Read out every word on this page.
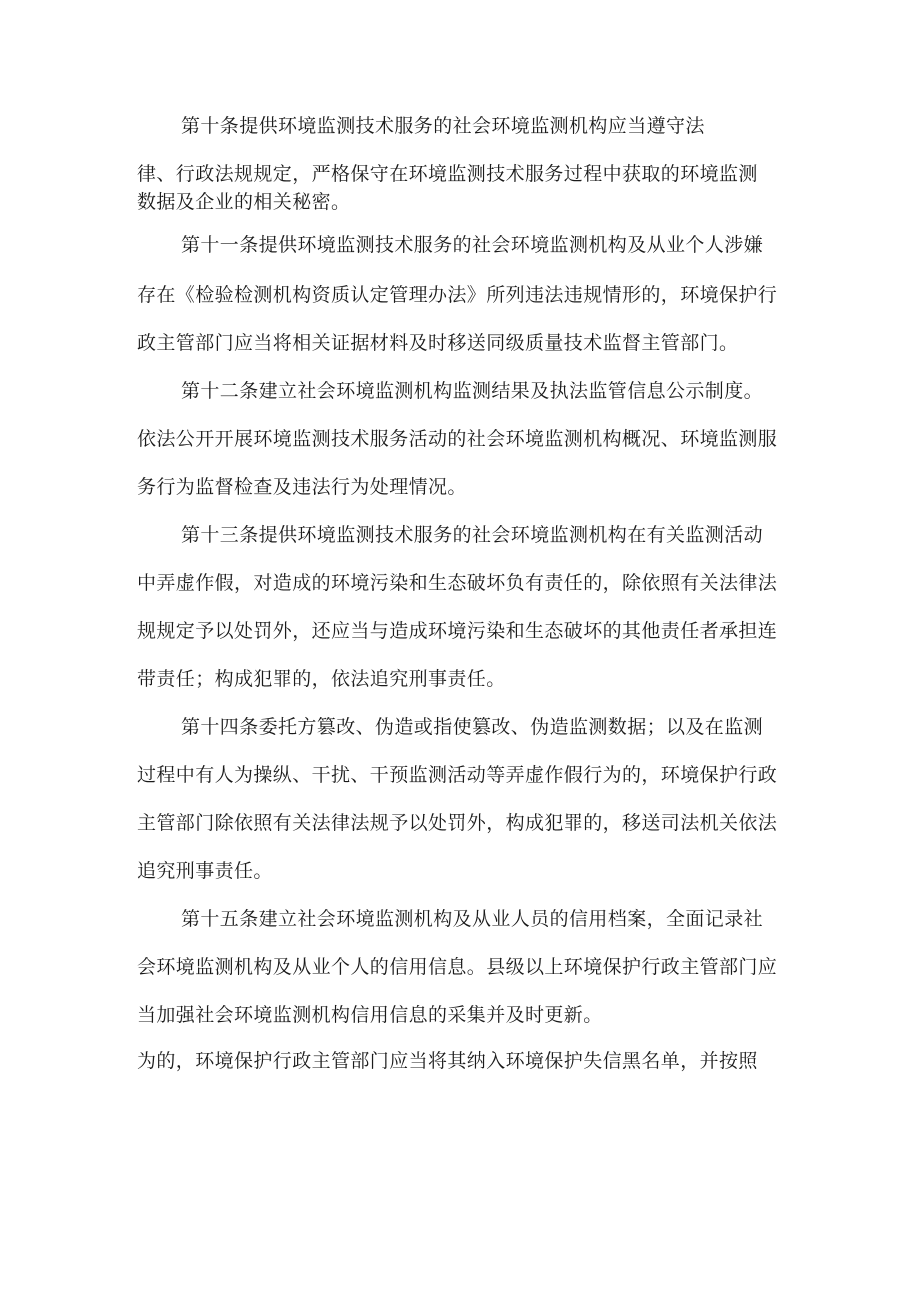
第十条提供环境监测技术服务的社会环境监测机构应当遵守法
律、行政法规规定，严格保守在环境监测技术服务过程中获取的环境监测
数据及企业的相关秘密。
第十一条提供环境监测技术服务的社会环境监测机构及从业个人涉嫌
存在《检验检测机构资质认定管理办法》所列违法违规情形的，环境保护行
政主管部门应当将相关证据材料及时移送同级质量技术监督主管部门。
第十二条建立社会环境监测机构监测结果及执法监管信息公示制度。
依法公开开展环境监测技术服务活动的社会环境监测机构概况、环境监测服
务行为监督检查及违法行为处理情况。
第十三条提供环境监测技术服务的社会环境监测机构在有关监测活动
中弄虚作假，对造成的环境污染和生态破坏负有责任的，除依照有关法律法
规规定予以处罚外，还应当与造成环境污染和生态破坏的其他责任者承担连
带责任；构成犯罪的，依法追究刑事责任。
第十四条委托方篡改、伪造或指使篡改、伪造监测数据；以及在监测
过程中有人为操纵、干扰、干预监测活动等弄虚作假行为的，环境保护行政
主管部门除依照有关法律法规予以处罚外，构成犯罪的，移送司法机关依法
追究刑事责任。
第十五条建立社会环境监测机构及从业人员的信用档案，全面记录社
会环境监测机构及从业个人的信用信息。县级以上环境保护行政主管部门应
当加强社会环境监测机构信用信息的采集并及时更新。
为的，环境保护行政主管部门应当将其纳入环境保护失信黑名单，并按照
